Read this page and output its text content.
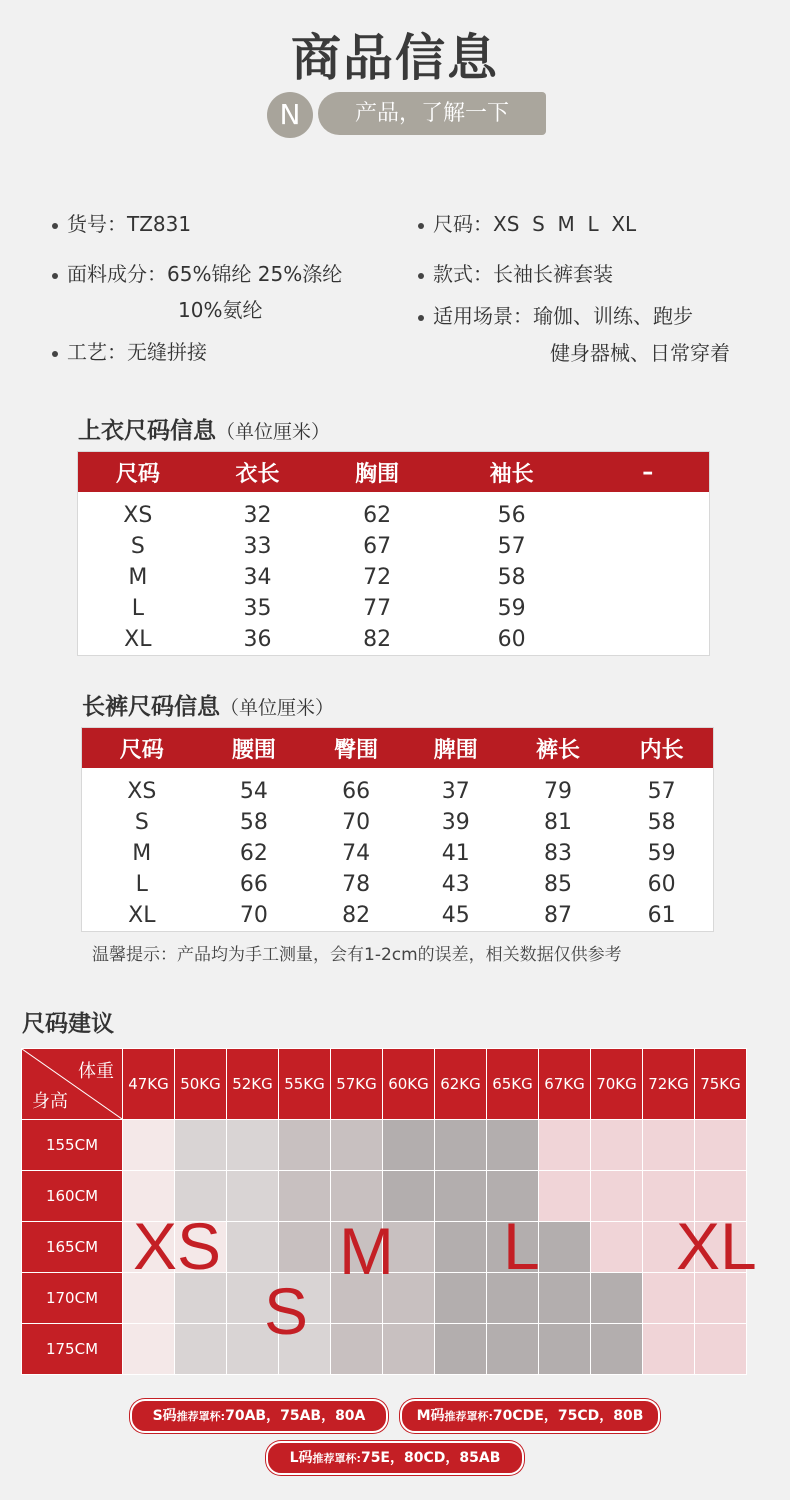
商品信息
N	产品，了解一下
货号：TZ831
面料成分：65%锦纶 25%涤纶
10%氨纶
工艺：无缝拼接
尺码：XS  S  M  L  XL
款式：长袖长裤套装
适用场景：瑜伽、训练、跑步
健身器械、日常穿着
上衣尺码信息（单位厘米）
尺码	衣长	胸围	袖长	–
XS	32	62	56	
S	33	67	57	
M	34	72	58	
L	35	77	59	
XL	36	82	60	
长裤尺码信息（单位厘米）
尺码	腰围	臀围	脾围	裤长	内长
XS	54	66	37	79	57
S	58	70	39	81	58
M	62	74	41	83	59
L	66	78	43	85	60
XL	70	82	45	87	61
温馨提示：产品均为手工测量，会有1-2cm的误差，相关数据仅供参考
尺码建议
体重
身高	47KG	50KG	52KG	55KG	57KG	60KG	62KG	65KG	67KG	70KG	72KG	75KG
155CM												
160CM												
165CM												
170CM												
175CM												
XS
S
M L XL
S码推荐罩杯:70AB，75AB，80A	M码推荐罩杯:70CDE，75CD，80B
L码推荐罩杯:75E，80CD，85AB
